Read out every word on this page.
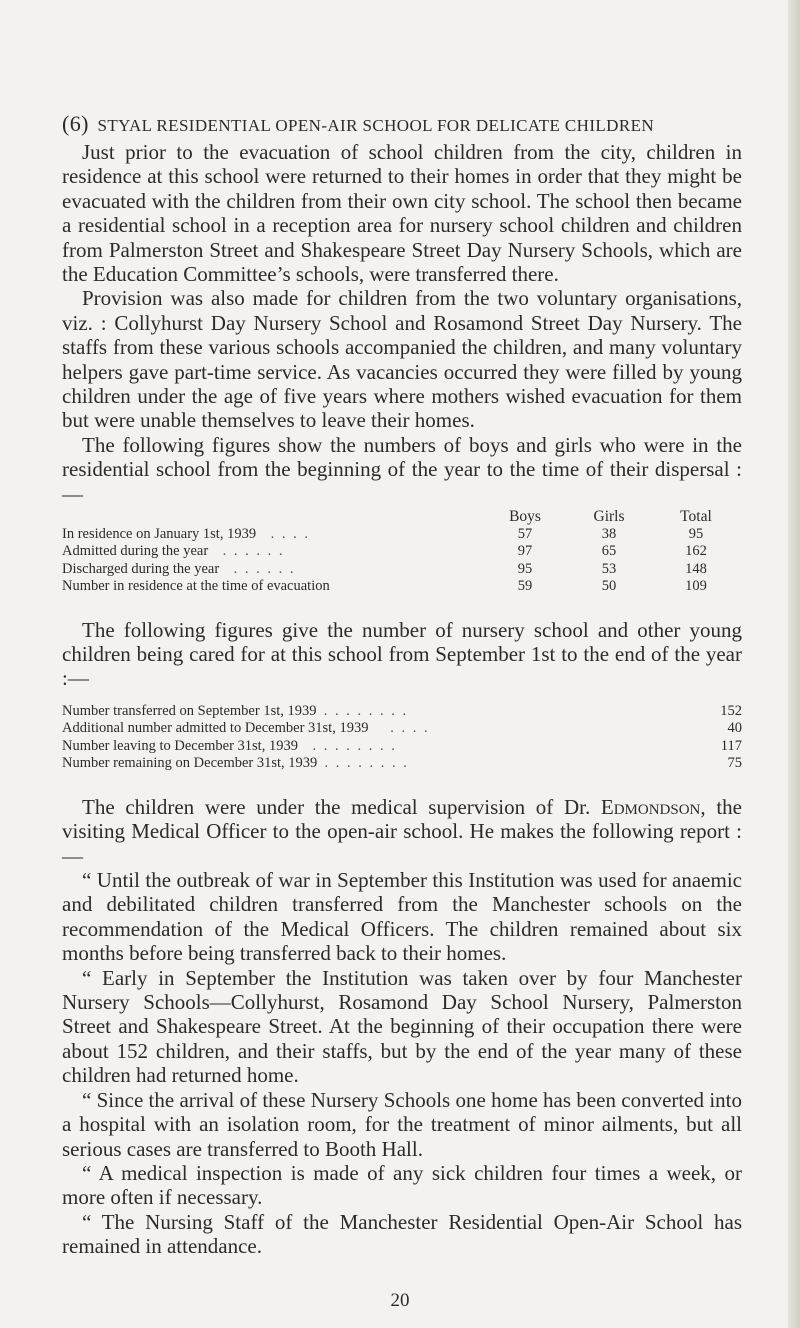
(6) STYAL RESIDENTIAL OPEN-AIR SCHOOL FOR DELICATE CHILDREN

Just prior to the evacuation of school children from the city, children in residence at this school were returned to their homes in order that they might be evacuated with the children from their own city school. The school then became a residential school in a reception area for nursery school children and children from Palmerston Street and Shakespeare Street Day Nursery Schools, which are the Education Committee’s schools, were transferred there.

Provision was also made for children from the two voluntary organisations, viz. : Collyhurst Day Nursery School and Rosamond Street Day Nursery. The staffs from these various schools accompanied the children, and many voluntary helpers gave part-time service. As vacancies occurred they were filled by young children under the age of five years where mothers wished evacuation for them but were unable themselves to leave their homes.

The following figures show the numbers of boys and girls who were in the residential school from the beginning of the year to the time of their dispersal :—

	Boys	Girls	Total
In residence on January 1st, 1939 . . . .	57	38	95
Admitted during the year . . . . . .	97	65	162
Discharged during the year . . . . . .	95	53	148
Number in residence at the time of evacuation	59	50	109

The following figures give the number of nursery school and other young children being cared for at this school from September 1st to the end of the year :—

Number transferred on September 1st, 1939 . . . . . . . .	152
Additional number admitted to December 31st, 1939 . . . .	40
Number leaving to December 31st, 1939 . . . . . . . .	117
Number remaining on December 31st, 1939 . . . . . . . .	75

The children were under the medical supervision of Dr. Edmondson, the visiting Medical Officer to the open-air school. He makes the following report :—

“ Until the outbreak of war in September this Institution was used for anaemic and debilitated children transferred from the Manchester schools on the recommendation of the Medical Officers. The children remained about six months before being transferred back to their homes.

“ Early in September the Institution was taken over by four Manchester Nursery Schools—Collyhurst, Rosamond Day School Nursery, Palmerston Street and Shakespeare Street. At the beginning of their occupation there were about 152 children, and their staffs, but by the end of the year many of these children had returned home.

“ Since the arrival of these Nursery Schools one home has been converted into a hospital with an isolation room, for the treatment of minor ailments, but all serious cases are transferred to Booth Hall.

“ A medical inspection is made of any sick children four times a week, or more often if necessary.

“ The Nursing Staff of the Manchester Residential Open-Air School has remained in attendance.

20
